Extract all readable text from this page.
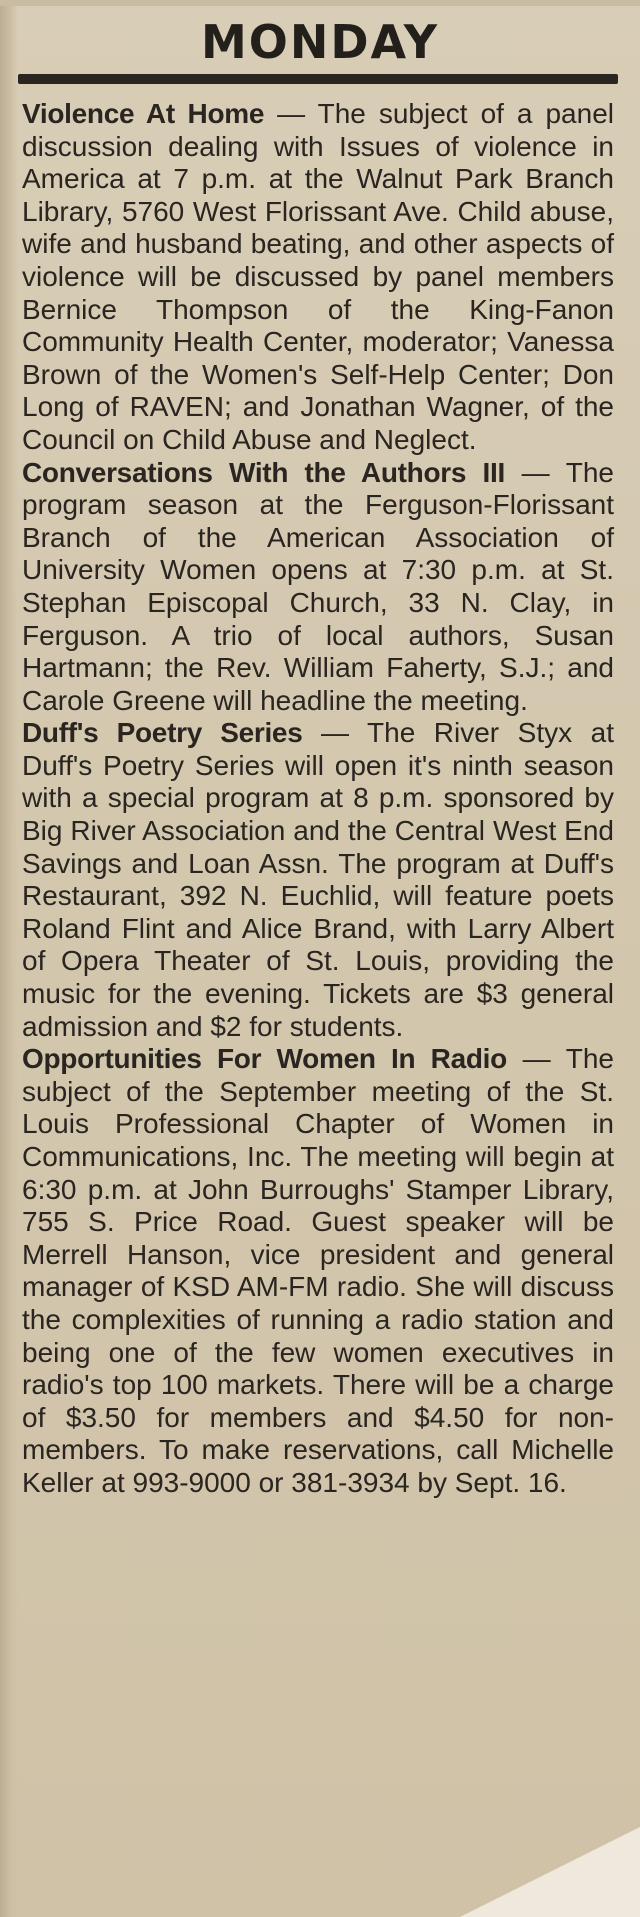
MONDAY

Violence At Home — The subject of a panel discussion dealing with Issues of violence in America at 7 p.m. at the Walnut Park Branch Library, 5760 West Florissant Ave. Child abuse, wife and husband beating, and other aspects of violence will be discussed by panel members Bernice Thompson of the King-Fanon Community Health Center, moderator; Vanessa Brown of the Women's Self-Help Center; Don Long of RAVEN; and Jonathan Wagner, of the Council on Child Abuse and Neglect.

Conversations With the Authors III — The program season at the Ferguson-Florissant Branch of the American Association of University Women opens at 7:30 p.m. at St. Stephan Episcopal Church, 33 N. Clay, in Ferguson. A trio of local authors, Susan Hartmann; the Rev. William Faherty, S.J.; and Carole Greene will headline the meeting.

Duff's Poetry Series — The River Styx at Duff's Poetry Series will open it's ninth season with a special program at 8 p.m. sponsored by Big River Association and the Central West End Savings and Loan Assn. The program at Duff's Restaurant, 392 N. Euchlid, will feature poets Roland Flint and Alice Brand, with Larry Albert of Opera Theater of St. Louis, providing the music for the evening. Tickets are $3 general admission and $2 for students.

Opportunities For Women In Radio — The subject of the September meeting of the St. Louis Professional Chapter of Women in Communications, Inc. The meeting will begin at 6:30 p.m. at John Burroughs' Stamper Library, 755 S. Price Road. Guest speaker will be Merrell Hanson, vice president and general manager of KSD AM-FM radio. She will discuss the complexities of running a radio station and being one of the few women executives in radio's top 100 markets. There will be a charge of $3.50 for members and $4.50 for non-members. To make reservations, call Michelle Keller at 993-9000 or 381-3934 by Sept. 16.
